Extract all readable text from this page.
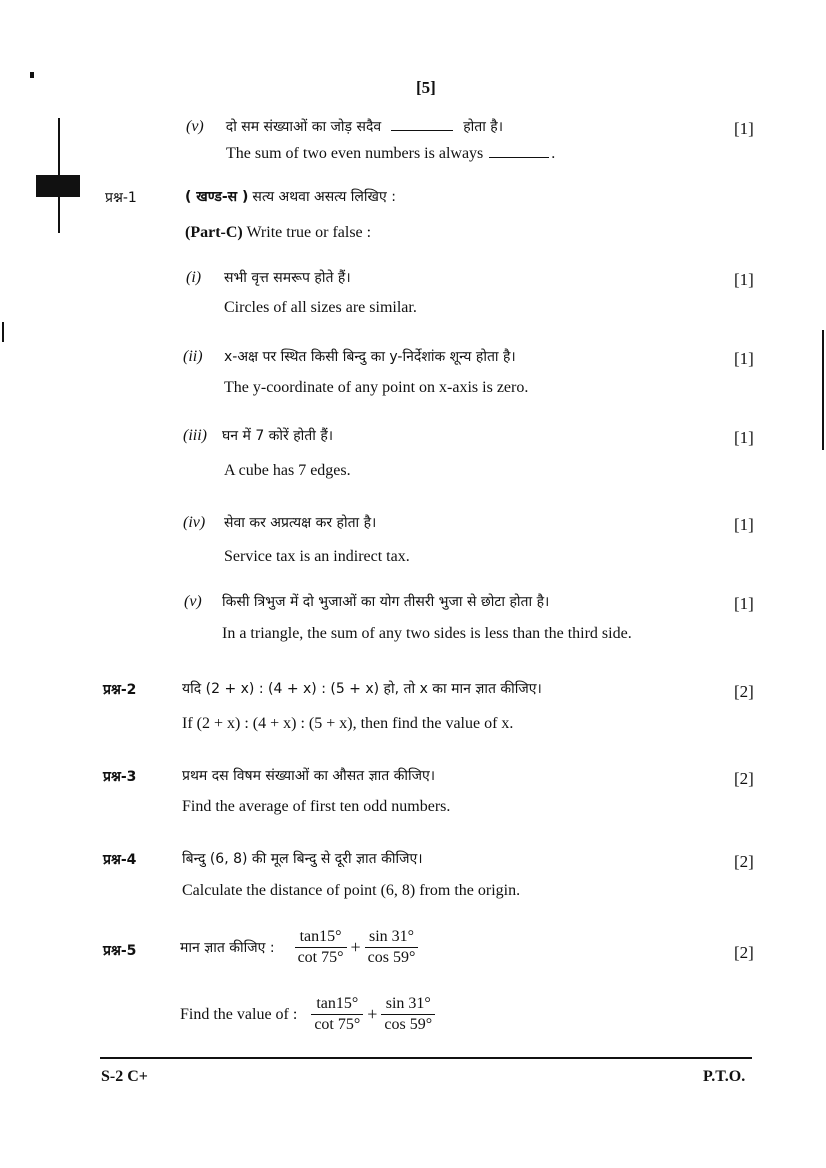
[5]
(v) दो सम संख्याओं का जोड़ सदैव	होता है।
The sum of two even numbers is always	.
[1]
प्रश्न-1	( खण्ड-स ) सत्य अथवा असत्य लिखिए :
(Part-C) Write true or false :
(i) सभी वृत्त समरूप होते हैं।
Circles of all sizes are similar.
[1]
(ii) x-अक्ष पर स्थित किसी बिन्दु का y-निर्देशांक शून्य होता है।
The y-coordinate of any point on x-axis is zero.
[1]
(iii) घन में 7 कोरें होती हैं।
A cube has 7 edges.
[1]
(iv) सेवा कर अप्रत्यक्ष कर होता है।
Service tax is an indirect tax.
[1]
(v) किसी त्रिभुज में दो भुजाओं का योग तीसरी भुजा से छोटा होता है।
In a triangle, the sum of any two sides is less than the third side.
[1]
प्रश्न-2	यदि (2 + x) : (4 + x) : (5 + x) हो, तो x का मान ज्ञात कीजिए।
If (2 + x) : (4 + x) : (5 + x), then find the value of x.
[2]
प्रश्न-3	प्रथम दस विषम संख्याओं का औसत ज्ञात कीजिए।
Find the average of first ten odd numbers.
[2]
प्रश्न-4	बिन्दु (6, 8) की मूल बिन्दु से दूरी ज्ञात कीजिए।
Calculate the distance of point (6, 8) from the origin.
[2]
प्रश्न-5	मान ज्ञात कीजिए : $\frac{\tan 15^\circ}{\cot 75^\circ} + \frac{\sin 31^\circ}{\cos 59^\circ}$	[2]
Find the value of : $\frac{\tan 15^\circ}{\cot 75^\circ} + \frac{\sin 31^\circ}{\cos 59^\circ}$
S-2 C+	P.T.O.
